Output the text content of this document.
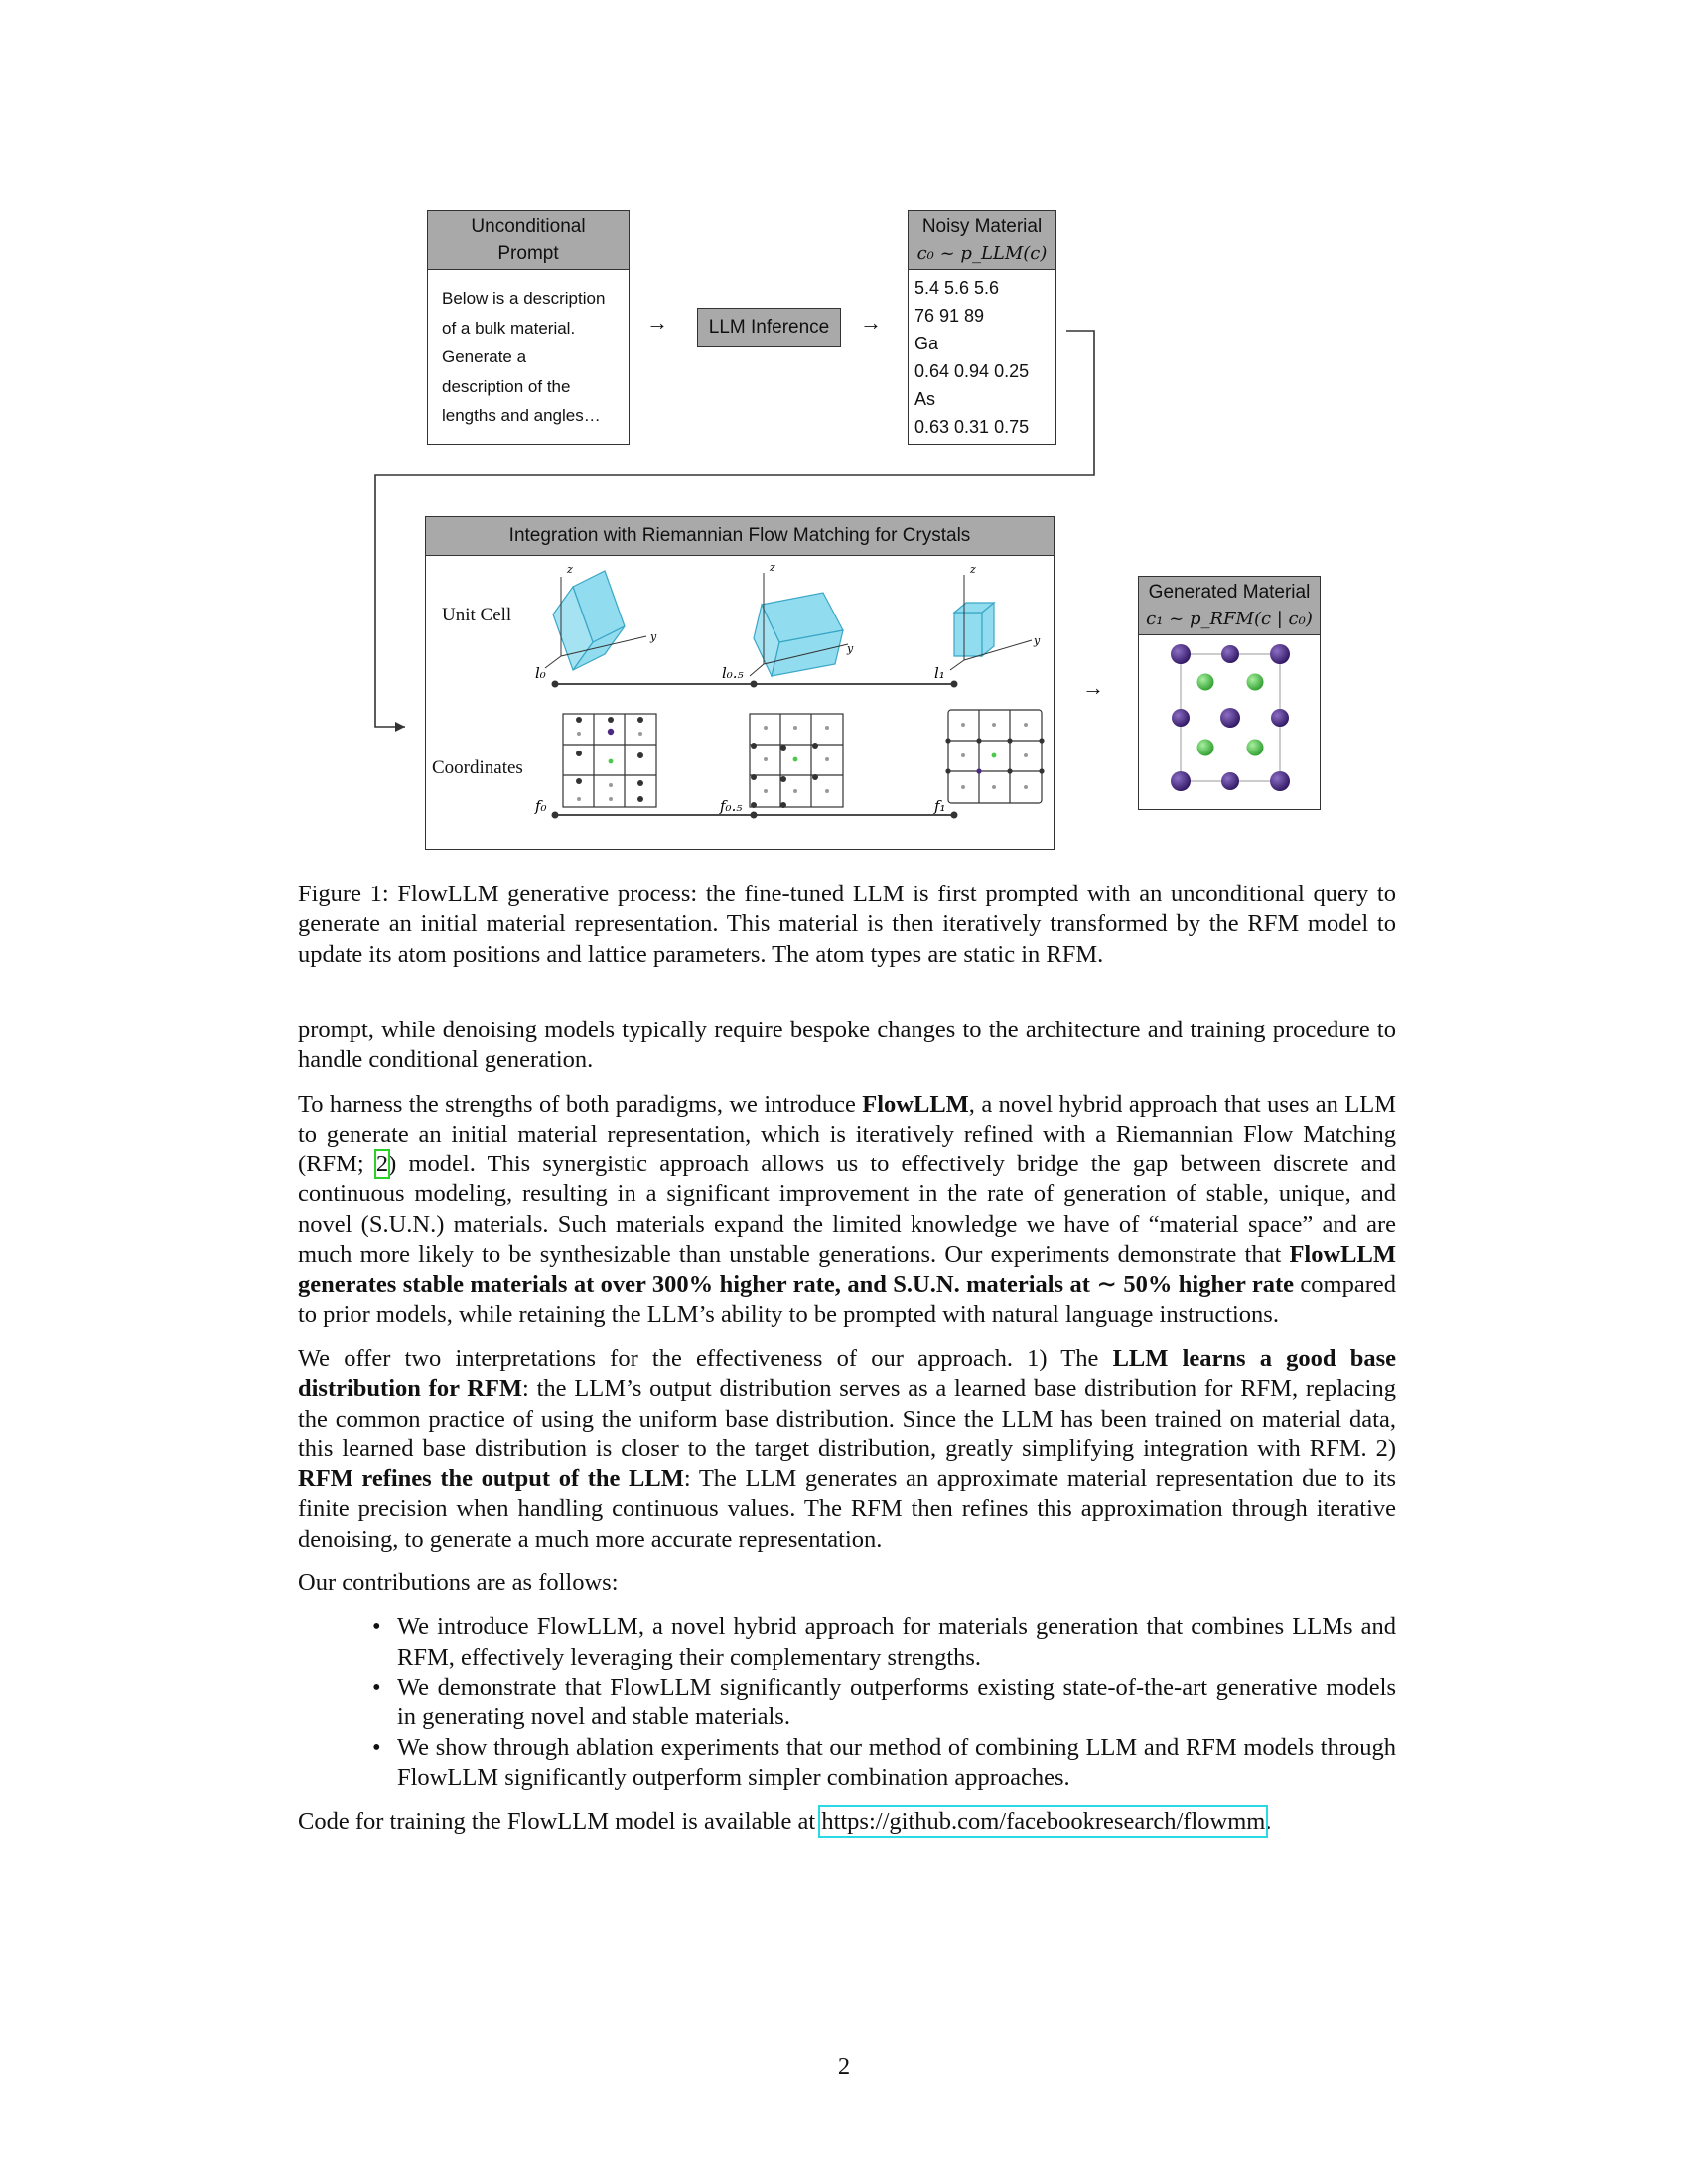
Unconditional
Prompt
Below is a description
of a bulk material.
Generate a
description of the
lengths and angles…
→	LLM Inference	→
Noisy Material
c₀ ~ p_LLM(c)
5.4 5.6 5.6
76 91 89
Ga
0.64 0.94 0.25
As
0.63 0.31 0.75
Integration with Riemannian Flow Matching for Crystals
Unit Cell
Coordinates
z
y
z
y
z
y
l₀	l₀.₅	l₁
f₀	f₀.₅	f₁
→
Generated Material
c₁ ~ p_RFM(c | c₀)
Figure 1: FlowLLM generative process: the fine-tuned LLM is first prompted with an unconditional query to generate an initial material representation. This material is then iteratively transformed by the RFM model to update its atom positions and lattice parameters. The atom types are static in RFM.

prompt, while denoising models typically require bespoke changes to the architecture and training procedure to handle conditional generation.

To harness the strengths of both paradigms, we introduce FlowLLM, a novel hybrid approach that uses an LLM to generate an initial material representation, which is iteratively refined with a Riemannian Flow Matching (RFM; 2) model. This synergistic approach allows us to effectively bridge the gap between discrete and continuous modeling, resulting in a significant improvement in the rate of generation of stable, unique, and novel (S.U.N.) materials. Such materials expand the limited knowledge we have of “material space” and are much more likely to be synthesizable than unstable generations. Our experiments demonstrate that FlowLLM generates stable materials at over 300% higher rate, and S.U.N. materials at ∼ 50% higher rate compared to prior models, while retaining the LLM’s ability to be prompted with natural language instructions.

We offer two interpretations for the effectiveness of our approach. 1) The LLM learns a good base distribution for RFM: the LLM’s output distribution serves as a learned base distribution for RFM, replacing the common practice of using the uniform base distribution. Since the LLM has been trained on material data, this learned base distribution is closer to the target distribution, greatly simplifying integration with RFM. 2) RFM refines the output of the LLM: The LLM generates an approximate material representation due to its finite precision when handling continuous values. The RFM then refines this approximation through iterative denoising, to generate a much more accurate representation.

Our contributions are as follows:

• We introduce FlowLLM, a novel hybrid approach for materials generation that combines LLMs and RFM, effectively leveraging their complementary strengths.
• We demonstrate that FlowLLM significantly outperforms existing state-of-the-art generative models in generating novel and stable materials.
• We show through ablation experiments that our method of combining LLM and RFM models through FlowLLM significantly outperform simpler combination approaches.

Code for training the FlowLLM model is available at https://github.com/facebookresearch/flowmm.

2
